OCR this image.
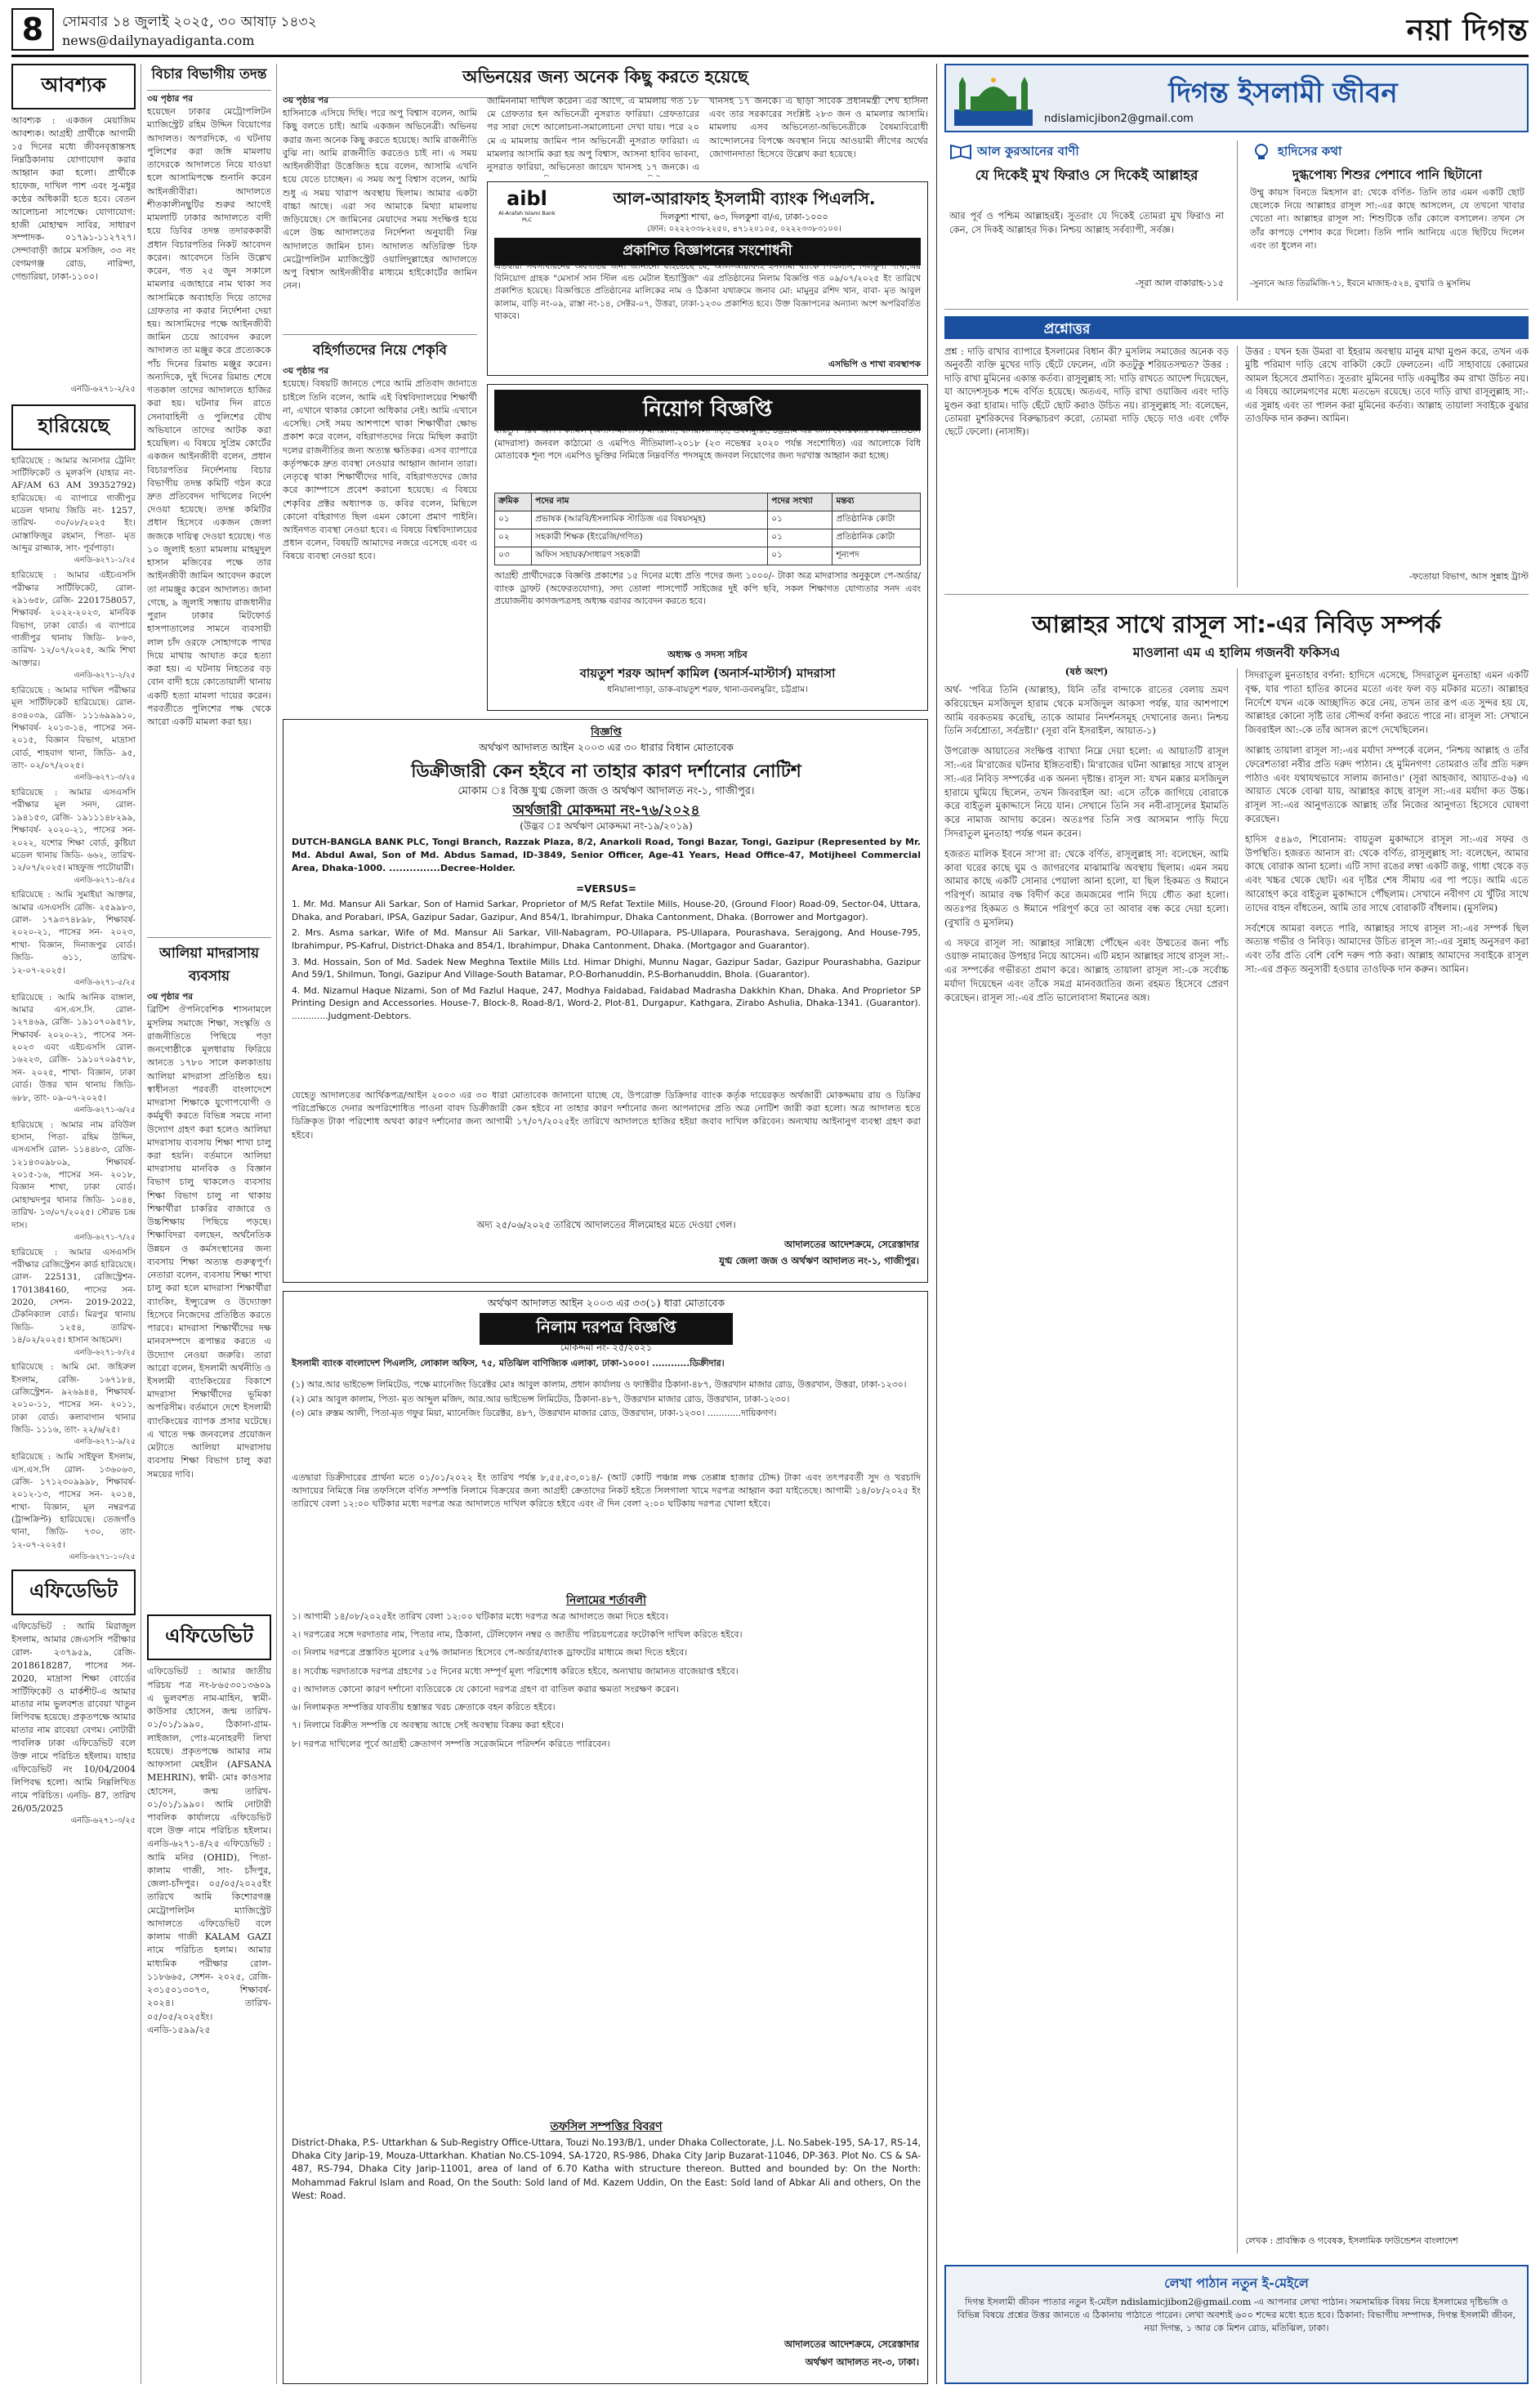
8	সোমবার ১৪ জুলাই ২০২৫, ৩০ আষাঢ় ১৪৩২
news@dailynayadiganta.com	নয়া দিগন্ত
আবশ্যক
আবশ্যক : একজন মেয়াজিম আবশ্যক। আগ্রহী প্রার্থীকে আগামী ১৫ দিনের মধ্যে জীবনবৃত্তান্তসহ নিম্নঠিকানায় যোগাযোগ করার আহ্বান করা হলো। প্রার্থীকে হাফেজ, দাখিল পাশ এবং সু-মধুর কন্ঠের অধিকারী হতে হবে। বেতন আলোচনা সাপেক্ষে। যোগাযোগ: হাজী মোহাম্মদ সাবির, সাধারণ সম্পাদক- ০১৭৯১-১১২৭২৭। সেন্দাবাড়ী জামে মসজিদ, ৩৩ নং বেগমগঞ্জ রোড, নারিন্দা, গেন্ডারিয়া, ঢাকা-১১০০।
এনডি-৬২৭১-২/২৫
হারিয়েছে
হারিয়েছে : আমার আনসার ট্রেনিং সার্টিফিকেট ও মূলকপি (যাহার নং- AF/AM 63 AM 39352792) হারিয়েছে। এ ব্যাপারে গাজীপুর মডেল থানায় জিডি নং- 1257, তারিখ- ৩০/০৮/২০২৫ ইং। মোস্তাফিজুর রহমান, পিতা- মৃত আব্দুর রাজ্জাক, সাং- পূর্বপাড়া।
এনডি-৬২৭১-১/২৫
হারিয়েছে : আমার এইচএসসি পরীক্ষার সার্টিফিকেট, রোল- ২৯১৬৫৮, রেজি- 2201758057, শিক্ষাবর্ষ- ২০২২-২০২৩, মানবিক বিভাগ, ঢাকা বোর্ড। এ ব্যাপারে গাজীপুর থানায় জিডি- ৮৬৩, তারিখ- ১২/০৭/২০২৫, আমি শিখা আক্তার।
এনডি-৬২৭১-২/২৫
হারিয়েছে : আমার দাখিল পরীক্ষার মূল সার্টিফিকেট হারিয়েছে। রোল- ৪৩৪০৩৯, রেজি- ১১১৬৯৯৯১০, শিক্ষাবর্ষ- ২০১৩-১৪, পাসের সন- ২০১৫, বিজ্ঞান বিভাগ, মাদ্রাসা বোর্ড, শাহবাগ থানা, জিডি- ৯৫, তাং- ০২/০৭/২০২৫।
এনডি-৬২৭১-৩/২৫
হারিয়েছে : আমার এসএসসি পরীক্ষার মূল সনদ, রোল- ১৯৪১৫৩, রেজি- ১৯১১১৪৮২৯৯, শিক্ষাবর্ষ- ২০২০-২১, পাসের সন- ২০২২, যশোর শিক্ষা বোর্ড, কুষ্টিয়া মডেল থানায় জিডি- ৬৬২, তারিখ- ১২/০৭/২০২৫। মাহফুজ পাটোয়ারী।
এনডি-৬২৭১-৪/২৫
হারিয়েছে : আমি সুমাইয়া আক্তার, আমার এসএসসি রেজি- ২৫৯৯৮৩, রোল- ১৭৯৩৭৪৮৯৮, শিক্ষাবর্ষ- ২০২০-২১, পাসের সন- ২০২৩, শাখা- বিজ্ঞান, দিনাজপুর বোর্ড। জিডি- ৬১১, তারিখ- ১২-০৭-২০২৫।
এনডি-৬২৭১-৫/২৫
হারিয়েছে : আমি আনিক বাঙ্গাল, আমার এস.এস.সি. রোল- ১২৭৪৬৯, রেজি- ১৯১০৭০৯৫৭৮, শিক্ষাবর্ষ- ২০২০-২১, পাসের সন- ২০২৩ এবং এইচএসসি রোল- ১৬২২৩, রেজি- ১৯১০৭০৯৫৭৮, সন- ২০২৫, শাখা- বিজ্ঞান, ঢাকা বোর্ড। উত্তর খান থানায় জিডি- ৬৮৮, তাং- ০৯-০৭-২০২৫।
এনডি-৬২৭১-৬/২৫
হারিয়েছে : আমার নাম রবিউল হাসান, পিতা- রহিম উদ্দিন, এসএসসি রোল- ১১৪৪৮৩, রেজি- ১২১৪৩০৯৮০৯, শিক্ষাবর্ষ- ২০১৫-১৬, পাসের সন- ২০১৮, বিজ্ঞান শাখা, ঢাকা বোর্ড। মোহাম্মদপুর থানার জিডি- ১০৪৪, তারিখ- ১৩/০৭/২০২৫। সৌরভ চন্দ্র দাস।
এনডি-৬২৭১-৭/২৫
হারিয়েছে : আমার এসএসসি পরীক্ষার রেজিস্ট্রেশন কার্ড হারিয়েছে। রোল- 225131, রেজিস্ট্রেশন- 1701384160, পাসের সন- 2020, সেশন- 2019-2022, টেকনিক্যাল বোর্ড। মিরপুর থানায় জিডি- ১২৫৪, তারিখ- ১৪/০২/২০২৫। হাসান আহমেদ।
এনডি-৬২৭১-৮/২৫
হারিয়েছে : আমি মো. জহিরুল ইসলাম, রেজি- ১৬৭১৮৪, রেজিস্ট্রেশন- ৯২৬৯৪৪, শিক্ষাবর্ষ- ২০১০-১১, পাসের সন- ২০১১, ঢাকা বোর্ড। কলাবাগান থানার জিডি- ১১১৬, তাং- ২২/৬/২৫।
এনডি-৬২৭১-৯/২৫
হারিয়েছে : আমি সাইফুল ইসলাম, এস.এস.সি রোল- ১৩৬০৬৩, রেজি- ১৭১২৩০৯৯৯৮, শিক্ষাবর্ষ- ২০১২-১৩, পাসের সন- ২০১৪, শাখা- বিজ্ঞান, মূল নম্বরপত্র (ট্রান্সক্রিপ্ট) হারিয়েছে। তেজগাঁও থানা, জিডি- ৭৩০, তাং- ১২-০৭-২০২৫।
এনডি-৬২৭১-১০/২৫
এফিডেভিট
এফিডেভিট : আমি মিরাজুল ইসলাম, আমার জেএসসি পরীক্ষার রোল- ২৩৭৯৫৯, রেজি- 2018618287, পাসের সন- 2020, মাদ্রাসা শিক্ষা বোর্ডের সার্টিফিকেট ও মার্কশীট-এ আমার মাতার নাম ভুলবশত রাবেয়া খাতুন লিপিবদ্ধ হয়েছে। প্রকৃতপক্ষে আমার মাতার নাম রাবেয়া বেগম। নোটারী পাবলিক ঢাকা এফিডেভিট বলে উক্ত নামে পরিচিত হইলাম। যাহার এফিডেভিট নং 10/04/2004 লিপিবদ্ধ হলো। আমি নিম্নলিখিত নামে পরিচিত। এনডি- 87, তারিখ 26/05/2025
এনডি-৬২৭১-৩/২৫
বিচার বিভাগীয় তদন্ত
৩য় পৃষ্ঠার পর
হয়েছেন ঢাকার মেট্রোপলিটন ম্যাজিস্ট্রেট রহিম উদ্দিন বিয়োগের আদালত। অপরদিকে, এ ঘটনায় পুলিশের করা জঙ্গি মামলায় তাদেরকে আদালতে নিয়ে যাওয়া হলে আসামিপক্ষে শুনানি করেন আইনজীবীরা। আদালতে শীতকালীনছুটির শুরুর আগেই মামলাটি ঢাকার আদালতে বাদী হয়ে ডিবির তদন্ত তদারককারী প্রধান বিচারপতির নিকট আবেদন করেন। আবেদনে তিনি উল্লেখ করেন, গত ২৫ জুন সকালে মামলার এজাহারে নাম থাকা সব আসামিকে অব্যাহতি দিয়ে তাদের গ্রেফতার না করার নির্দেশনা দেয়া হয়। আসামিদের পক্ষে আইনজীবী জামিন চেয়ে আবেদন করলে আদালত তা মঞ্জুর করে প্রত্যেককে পাঁচ দিনের রিমান্ড মঞ্জুর করেন। অন্যদিকে, দুই দিনের রিমান্ড শেষে গতকাল তাদের আদালতে হাজির করা হয়। ঘটনার দিন রাতে সেনাবাহিনী ও পুলিশের যৌথ অভিযানে তাদের আটক করা হয়েছিল। এ বিষয়ে সুপ্রিম কোর্টের একজন আইনজীবী বলেন, প্রধান বিচারপতির নির্দেশনায় বিচার বিভাগীয় তদন্ত কমিটি গঠন করে দ্রুত প্রতিবেদন দাখিলের নির্দেশ দেওয়া হয়েছে। তদন্ত কমিটির প্রধান হিসেবে একজন জেলা জজকে দায়িত্ব দেওয়া হয়েছে। গত ১০ জুলাই হত্যা মামলায় মাহমুদুল হাসান মজিবের পক্ষে তার আইনজীবী জামিন আবেদন করলে তা নামঞ্জুর করেন আদালত। জানা গেছে, ৯ জুলাই সন্ধ্যায় রাজধানীর পুরান ঢাকার মিটফোর্ড হাসপাতালের সামনে ব্যবসায়ী লাল চাঁদ ওরফে সোহাগকে পাথর দিয়ে মাথায় আঘাত করে হত্যা করা হয়। এ ঘটনায় নিহতের বড় বোন বাদী হয়ে কোতোয়ালী থানায় একটি হত্যা মামলা দায়ের করেন। পরবর্তীতে পুলিশের পক্ষ থেকে আরো একটি মামলা করা হয়।
আলিয়া মাদরাসায় ব্যবসায়
৩য় পৃষ্ঠার পর
ব্রিটিশ ঔপনিবেশিক শাসনামলে মুসলিম সমাজে শিক্ষা, সংস্কৃতি ও রাজনীতিতে পিছিয়ে পড়া জনগোষ্ঠীকে মূলধারায় ফিরিয়ে আনতে ১৭৮০ সালে কলকাতায় আলিয়া মাদরাসা প্রতিষ্ঠিত হয়। স্বাধীনতা পরবর্তী বাংলাদেশে মাদরাসা শিক্ষাকে যুগোপযোগী ও কর্মমুখী করতে বিভিন্ন সময়ে নানা উদ্যোগ গ্রহণ করা হলেও আলিয়া মাদরাসায় ব্যবসায় শিক্ষা শাখা চালু করা হয়নি। বর্তমানে আলিয়া মাদরাসায় মানবিক ও বিজ্ঞান বিভাগ চালু থাকলেও ব্যবসায় শিক্ষা বিভাগ চালু না থাকায় শিক্ষার্থীরা চাকরির বাজারে ও উচ্চশিক্ষায় পিছিয়ে পড়ছে। শিক্ষাবিদরা বলছেন, অর্থনৈতিক উন্নয়ন ও কর্মসংস্থানের জন্য ব্যবসায় শিক্ষা অত্যন্ত গুরুত্বপূর্ণ। নেতারা বলেন, ব্যবসায় শিক্ষা শাখা চালু করা হলে মাদরাসা শিক্ষার্থীরা ব্যাংকিং, ইন্স্যুরেন্স ও উদ্যোক্তা হিসেবে নিজেদের প্রতিষ্ঠিত করতে পারবে। মাদরাসা শিক্ষার্থীদের দক্ষ মানবসম্পদে রূপান্তর করতে এ উদ্যোগ নেওয়া জরুরি। তারা আরো বলেন, ইসলামী অর্থনীতি ও ইসলামী ব্যাংকিংয়ের বিকাশে মাদরাসা শিক্ষার্থীদের ভূমিকা অপরিসীম। বর্তমানে দেশে ইসলামী ব্যাংকিংয়ের ব্যাপক প্রসার ঘটেছে। এ খাতে দক্ষ জনবলের প্রয়োজন মেটাতে আলিয়া মাদরাসায় ব্যবসায় শিক্ষা বিভাগ চালু করা সময়ের দাবি।
এফিডেভিট
এফিডেভিট : আমার জাতীয় পরিচয় পত্র নং-৮৬৫৩০১৩৬০৯ এ ভুলবশত নাম-মাহিন, স্বামী- কাউসার হোসেন, জন্ম তারিখ- ০১/০১/১৯৯০, ঠিকানা-গ্রাম- লাইজাল, পোঃ-মনোহরদী লিখা হয়েছে। প্রকৃতপক্ষে আমার নাম আফসানা মেহরীন (AFSANA MEHRIN), স্বামী- মোঃ কাওসার হোসেন, জন্ম তারিখ- ০১/০১/১৯৯০। আমি নোটারী পাবলিক কার্যালয়ে এফিডেভিট বলে উক্ত নামে পরিচিত হইলাম। এনডি-৬২৭১-৪/২৫ এফিডেভিট : আমি মনির (OHID), পিতা-কালাম গাজী, সাং- চাঁদপুর, জেলা-চাঁদপুর। ০৫/০৫/২০২৫ইং তারিখে আমি কিশোরগঞ্জ মেট্রোপলিটন ম্যাজিস্ট্রেট আদালতে এফিডেভিট বলে কালাম গাজী KALAM GAZI নামে পরিচিত হলাম। আমার মাধ্যমিক পরীক্ষার রোল- ১১৮৬৬৫, সেশন- ২০২৫, রেজি- ২৩১৫০১৩০৭৩, শিক্ষাবর্ষ- ২০২৪। তারিখ- ০৫/০৫/২০২৫ইং। এনডি-১৫৯৯/২৫
অভিনয়ের জন্য অনেক কিছু করতে হয়েছে
৩য় পৃষ্ঠার পর
হাসিনাকে এসিয়ে দিছি। পরে অপু বিশ্বাস বলেন, আমি কিছু বলতে চাই। আমি একজন অভিনেত্রী। অভিনয় করার জন্য অনেক কিছু করতে হয়েছে। আমি রাজনীতি বুঝি না। আমি রাজনীতি করতেও চাই না। এ সময় আইনজীবীরা উত্তেজিত হয়ে বলেন, আসামি এখনি হয়ে যেতে চাচ্ছেন। এ সময় অপু বিশ্বাস বলেন, আমি শুধু এ সময় খারাপ অবস্থায় ছিলাম। আমার একটা বাচ্চা আছে। এরা সব আমাকে মিথ্যা মামলায় জড়িয়েছে। সে জামিনের মেয়াদের সময় সংক্ষিপ্ত হয়ে এলে উচ্চ আদালতের নির্দেশনা অনুযায়ী নিম্ন আদালতে জামিন চান। আদালত অতিরিক্ত চিফ মেট্রোপলিটন ম্যাজিস্ট্রেট ওয়ালিদুল্লাহের আদালতে অপু বিশ্বাস আইনজীবীর মাধ্যমে হাইকোর্টের জামিন নেন।
বহির্গাতদের নিয়ে শেকৃবি
৩য় পৃষ্ঠার পর
হয়েছে। বিষয়টি জানতে পেরে আমি প্রতিবাদ জানাতে চাইলে তিনি বলেন, আমি এই বিশ্ববিদ্যালয়ের শিক্ষার্থী না, এখানে থাকার কোনো অধিকার নেই। আমি এখানে এসেছি। সেই সময় আশপাশে থাকা শিক্ষার্থীরা ক্ষোভ প্রকাশ করে বলেন, বহিরাগতদের নিয়ে মিছিল করাটা দলের রাজনীতির জন্য অত্যন্ত ক্ষতিকর। এসব ব্যাপারে কর্তৃপক্ষকে দ্রুত ব্যবস্থা নেওয়ার আহ্বান জানান তারা। নেতৃত্বে থাকা শিক্ষার্থীদের দাবি, বহিরাগতদের জোর করে ক্যাম্পাসে প্রবেশ করানো হয়েছে। এ বিষয়ে শেকৃবির প্রক্টর অধ্যাপক ড. কবির বলেন, মিছিলে কোনো বহিরাগত ছিল এমন কোনো প্রমাণ পাইনি। আইনগত ব্যবস্থা নেওয়া হবে। এ বিষয়ে বিশ্ববিদ্যালয়ের প্রধান বলেন, বিষয়টি আমাদের নজরে এসেছে এবং এ বিষয়ে ব্যবস্থা নেওয়া হবে।
জামিননামা দাখিল করেন। এর আগে, এ মামলায় গত ১৮ মে গ্রেফতার হন অভিনেত্রী নুসরাত ফারিয়া। গ্রেফতারের পর সারা দেশে আলোচনা-সমালোচনা দেখা যায়। পরে ২০ মে এ মামলায় জামিন পান অভিনেত্রী নুসরাত ফারিয়া। এ মামলার আসামি করা হয় অপু বিশ্বাস, আসনা হাবিব ভাবনা, নুসরাত ফারিয়া, অভিনেতা জায়েদ খানসহ ১৭ জনকে। এ
খানসহ ১৭ জনকে। এ ছাড়া সাবেক প্রধানমন্ত্রী শেখ হাসিনা এবং তার সরকারের সংশ্লিষ্ট ২৮৩ জন ও মামলার আসামি। মামলায় এসব অভিনেতা-অভিনেত্রীকে বৈষম্যবিরোধী আন্দোলনের বিপক্ষে অবস্থান নিয়ে আওয়ামী লীগের অর্থের জোগানদাতা হিসেবে উল্লেখ করা হয়েছে।
aibl
Al-Arafah Islami Bank PLC
আল-আরাফাহ ইসলামী ব্যাংক পিএলসি.
দিলকুশা শাখা, ৬৩, দিলকুশা বা/এ, ঢাকা-১০০০
ফোন: ০২২২৩৩৮২২৫০, ৪৭১২০১০৫, ০২২২৩৩৮৩১০০।
প্রকাশিত বিজ্ঞাপনের সংশোধনী
এতদ্বারা সর্বসাধারনের অবগতির জন্য জানানো যাইতেছে যে, আল-আরাফাহ ইসলামী ব্যাংক পিএলসি, দিলকুশা শাখা,এর বিনিয়োগ গ্রাহক "মেসার্স সান স্টিল এন্ড মেটাল ইন্ডাস্ট্রিজ" এর প্রতিষ্ঠানের নিলাম বিজ্ঞপ্তি গত ০৯/০৭/২০২৫ ইং তারিখে প্রকাশিত হয়েছে। বিজ্ঞপ্তিতে প্রতিষ্ঠানের মালিকের নাম ও ঠিকানা যথাক্রমে জনাব মো: মামুনুর রশিদ খান, বাবা- মৃত আবুল কালাম, বাড়ি নং-০৯, রাস্তা নং-১৪, সেক্টর-০৭, উত্তরা, ঢাকা-১২৩০ প্রকাশিত হবে। উক্ত বিজ্ঞাপনের অন্যান্য অংশ অপরিবর্তিত থাকবে।
এসভিপি ও শাখা ব্যবস্থাপক
নিয়োগ বিজ্ঞপ্তি
বায়তুশ শরফ আদর্শ কামিল (অনার্স-মাস্টার্স) মাদরাসা, ধনিয়ালাপাড়া, ডবলমুরিং, চট্টগ্রাম এর জন্য বেসরকারি শিক্ষা প্রতিষ্ঠান (মাদরাসা) জনবল কাঠামো ও এমপিও নীতিমালা-২০১৮ (২৩ নভেম্বর ২০২০ পর্যন্ত সংশোধিত) এর আলোকে বিধি মোতাবেক শূন্য পদে এমপিও ভুক্তির নিমিত্তে নিম্নবর্ণিত পদসমূহে জনবল নিয়োগের জন্য দরখাস্ত আহ্বান করা হচ্ছে।
ক্রমিক	পদের নাম	পদের সংখ্যা	মন্তব্য
০১	প্রভাষক (আরবি/ইসলামিক স্টাডিজ এর বিষয়সমূহ)	০১	প্রতিষ্ঠানিক কোটা
০২	সহকারী শিক্ষক (ইংরেজি/গণিত)	০১	প্রতিষ্ঠানিক কোটা
০৩	অফিস সহায়ক/সাধারণ সহকারী	০১	শূন্যপদ
আগ্রহী প্রার্থীদেরকে বিজ্ঞপ্তি প্রকাশের ১৫ দিনের মধ্যে প্রতি পদের জন্য ১০০০/- টাকা অত্র মাদরাসার অনুকূলে পে-অর্ডার/ব্যাংক ড্রাফট (অফেরতযোগ্য), সদ্য তোলা পাসপোর্ট সাইজের দুই কপি ছবি, সকল শিক্ষাগত যোগ্যতার সনদ এবং প্রয়োজনীয় কাগজপত্রসহ অধ্যক্ষ বরাবর আবেদন করতে হবে।
অধ্যক্ষ ও সদস্য সচিব
বায়তুশ শরফ আদর্শ কামিল (অনার্স-মাস্টার্স) মাদরাসা
ধনিয়ালাপাড়া, ডাক-বায়তুশ শরফ, থানা-ডবলমুরিং, চট্টগ্রাম।
বিজ্ঞপ্তি
অর্থঋণ আদালত আইন ২০০৩ এর ৩০ ধারার বিধান মোতাবেক
ডিক্রীজারী কেন হইবে না তাহার কারণ দর্শানোর নোটিশ
মোকাম ঃ বিজ্ঞ যুগ্ম জেলা জজ ও অর্থঋণ আদালত নং-১, গাজীপুর।
অর্থজারী মোকদ্দমা নং-৭৬/২০২৪
(উদ্ভব ঃ অর্থঋণ মোকদ্দমা নং-১৯/২০১৯)
DUTCH-BANGLA BANK PLC, Tongi Branch, Razzak Plaza, 8/2, Anarkoli Road, Tongi Bazar, Tongi, Gazipur (Represented by Mr. Md. Abdul Awal, Son of Md. Abdus Samad, ID-3849, Senior Officer, Age-41 Years, Head Office-47, Motijheel Commercial Area, Dhaka-1000. ...............Decree-Holder.
=VERSUS=
1. Mr. Md. Mansur Ali Sarkar, Son of Hamid Sarkar, Proprietor of M/S Refat Textile Mills, House-20, (Ground Floor) Road-09, Sector-04, Uttara, Dhaka, and Porabari, IPSA, Gazipur Sadar, Gazipur, And 854/1, Ibrahimpur, Dhaka Cantonment, Dhaka. (Borrower and Mortgagor).
2. Mrs. Asma sarkar, Wife of Md. Mansur Ali Sarkar, Vill-Nabagram, PO-Ullapara, PS-Ullapara, Pourashava, Serajgong, And House-795, Ibrahimpur, PS-Kafrul, District-Dhaka and 854/1, Ibrahimpur, Dhaka Cantonment, Dhaka. (Mortgagor and Guarantor).
3. Md. Hossain, Son of Md. Sadek New Meghna Textile Mills Ltd. Himar Dhighi, Munnu Nagar, Gazipur Sadar, Gazipur Pourashabha, Gazipur And 59/1, Shilmun, Tongi, Gazipur And Village-South Batamar, P.O-Borhanuddin, P.S-Borhanuddin, Bhola. (Guarantor).
4. Md. Nizamul Haque Nizami, Son of Md Fazlul Haque, 247, Modhya Faidabad, Faidabad Madrasha Dakkhin Khan, Dhaka. And Proprietor SP Printing Design and Accessories. House-7, Block-8, Road-8/1, Word-2, Plot-81, Durgapur, Kathgara, Zirabo Ashulia, Dhaka-1341. (Guarantor). .............Judgment-Debtors.
যেহেতু আদালতের আর্থিকপত্র/আইন ২০০৩ এর ৩০ ধারা মোতাবেক জানানো যাচ্ছে যে, উপরোক্ত ডিক্রিদার ব্যাংক কর্তৃক দায়েরকৃত অর্থজারী মোকদ্দমায় রায় ও ডিক্রির পরিপ্রেক্ষিতে দেনার অপরিশোধিত পাওনা বাবদ ডিক্রীজারী কেন হইবে না তাহার কারণ দর্শানোর জন্য আপনাদের প্রতি অত্র নোটিশ জারী করা হলো। অত্র আদালত হতে ডিক্রিকৃত টাকা পরিশোধ অথবা কারণ দর্শানোর জন্য আগামী ১৭/০৭/২০২৫ইং তারিখে আদালতে হাজির হইয়া জবাব দাখিল করিবেন। অন্যথায় আইনানুগ ব্যবস্থা গ্রহণ করা হইবে।
অদ্য ২৫/০৬/২০২৫ তারিখে আদালতের সীলমোহর মতে দেওয়া গেল।
আদালতের আদেশক্রমে, সেরেস্তাদার
যুগ্ম জেলা জজ ও অর্থঋণ আদালত নং-১, গাজীপুর।
অর্থঋণ আদালত আইন ২০০৩ এর ৩৩(১) ধারা মোতাবেক
নিলাম দরপত্র বিজ্ঞপ্তি
মোকদ্দমা নং- ২৫/২০২১
ইসলামী ব্যাংক বাংলাদেশ পিএলসি, লোকাল অফিস, ৭৫, মতিঝিল বাণিজ্যিক এলাকা, ঢাকা-১০০০। ............ডিক্রীদার।
(১) আর.আর ভাইভেন্স লিমিটেড, পক্ষে ম্যানেজিং ডিরেক্টর মোঃ আবুল কালাম, প্রধান কার্যালয় ও ফ্যাক্টরীর ঠিকানা-৪৮৭, উত্তরখান মাজার রোড, উত্তরখান, উত্তরা, ঢাকা-১২৩০।
(২) মোঃ আবুল কালাম, পিতা- মৃত আব্দুল মজিদ, আর.আর ভাইভেন্স লিমিটেড, ঠিকানা-৪৮৭, উত্তরখান মাজার রোড, উত্তরখান, ঢাকা-১২৩০।
(৩) মোঃ রুস্তম আলী, পিতা-মৃত গফুর মিয়া, ম্যানেজিং ডিরেক্টর, ৪৮৭, উত্তরখান মাজার রোড, উত্তরখান, ঢাকা-১২৩০। ............দায়িকগণ।
এতদ্বারা ডিক্রীদারের প্রার্থনা মতে ০১/০১/২০২২ ইং তারিখ পর্যন্ত ৮,৫৫,৫৩,০১৪/- (আট কোটি পঞ্চান্ন লক্ষ তেপ্পান্ন হাজার চৌদ্দ) টাকা এবং তৎপরবর্তী সুদ ও খরচাদি আদায়ের নিমিত্তে নিম্ন তফসিলে বর্ণিত সম্পত্তি নিলামে বিক্রয়ের জন্য আগ্রহী ক্রেতাদের নিকট হইতে সিলগালা খামে দরপত্র আহ্বান করা যাইতেছে। আগামী ১৪/০৮/২০২৫ ইং তারিখে বেলা ১২:০০ ঘটিকার মধ্যে দরপত্র অত্র আদালতে দাখিল করিতে হইবে এবং ঐ দিন বেলা ২:০০ ঘটিকায় দরপত্র খোলা হইবে।
নিলামের শর্তাবলী
১। আগামী ১৪/০৮/২০২৫ইং তারিখ বেলা ১২:০০ ঘটিকার মধ্যে দরপত্র অত্র আদালতে জমা দিতে হইবে।
২। দরপত্রের সঙ্গে দরদাতার নাম, পিতার নাম, ঠিকানা, টেলিফোন নম্বর ও জাতীয় পরিচয়পত্রের ফটোকপি দাখিল করিতে হইবে।
৩। নিলাম দরপত্রে প্রস্তাবিত মূল্যের ২৫% জামানত হিসেবে পে-অর্ডার/ব্যাংক ড্রাফটের মাধ্যমে জমা দিতে হইবে।
৪। সর্বোচ্চ দরদাতাকে দরপত্র গ্রহণের ১৫ দিনের মধ্যে সম্পূর্ণ মূল্য পরিশোধ করিতে হইবে, অন্যথায় জামানত বাজেয়াপ্ত হইবে।
৫। আদালত কোনো কারণ দর্শানো ব্যতিরেকে যে কোনো দরপত্র গ্রহণ বা বাতিল করার ক্ষমতা সংরক্ষণ করেন।
৬। নিলামকৃত সম্পত্তির যাবতীয় হস্তান্তর খরচ ক্রেতাকে বহন করিতে হইবে।
৭। নিলামে বিক্রীত সম্পত্তি যে অবস্থায় আছে সেই অবস্থায় বিক্রয় করা হইবে।
৮। দরপত্র দাখিলের পূর্বে আগ্রহী ক্রেতাগণ সম্পত্তি সরেজমিনে পরিদর্শন করিতে পারিবেন।
তফসিল সম্পত্তির বিবরণ
District-Dhaka, P.S- Uttarkhan & Sub-Registry Office-Uttara, Touzi No.193/B/1, under Dhaka Collectorate, J.L. No.Sabek-195, SA-17, RS-14, Dhaka City Jarip-19, Mouza-Uttarkhan. Khatian No.CS-1094, SA-1720, RS-986, Dhaka City Jarip Buzarat-11046, DP-363. Plot No. CS & SA-487, RS-794, Dhaka City Jarip-11001, area of land of 6.70 Katha with structure thereon. Butted and bounded by: On the North: Mohammad Fakrul Islam and Road, On the South: Sold land of Md. Kazem Uddin, On the East: Sold land of Abkar Ali and others, On the West: Road.
আদালতের আদেশক্রমে, সেরেস্তাদার
অর্থঋণ আদালত নং-৩, ঢাকা।
দিগন্ত ইসলামী জীবন
ndislamicjibon2@gmail.com
আল কুরআনের বাণী
যে দিকেই মুখ ফিরাও সে দিকেই আল্লাহর
আর পূর্ব ও পশ্চিম আল্লাহরই। সুতরাং যে দিকেই তোমরা মুখ ফিরাও না কেন, সে দিকই আল্লাহর দিক। নিশ্চয় আল্লাহ সর্বব্যাপী, সর্বজ্ঞ।
-সূরা আল বাকারাহ-১১৫
হাদিসের কথা
দুগ্ধপোষ্য শিশুর পেশাবে পানি ছিটানো
উম্মু কায়স বিনতে মিহসান রা: থেকে বর্ণিত- তিনি তার এমন একটি ছোট ছেলেকে নিয়ে আল্লাহর রাসূল সা:-এর কাছে আসলেন, যে তখনো খাবার খেতো না। আল্লাহর রাসূল সা: শিশুটিকে তাঁর কোলে বসালেন। তখন সে তাঁর কাপড়ে পেশাব করে দিলো। তিনি পানি আনিয়ে এতে ছিটিয়ে দিলেন এবং তা ধুলেন না।
-সুনানে আত তিরমিজি-৭১, ইবনে মাজাহ-৫২৪, বুখারি ও মুসলিম
প্রশ্নোত্তর
প্রশ্ন : দাড়ি রাখার ব্যাপারে ইসলামের বিধান কী? মুসলিম সমাজের অনেক বড় অনুবর্তী ব্যক্তি মুখের দাড়ি ছেঁটে ফেলেন, এটা কতটুকু শরিয়তসম্মত? উত্তর : দাড়ি রাখা মুমিনের একান্ত কর্তব্য। রাসূলুল্লাহ সা: দাড়ি রাখতে আদেশ দিয়েছেন, যা আদেশসূচক শব্দে বর্ণিত হয়েছে। অতএব, দাড়ি রাখা ওয়াজিব এবং দাড়ি মুণ্ডন করা হারাম। দাড়ি ছেঁটে ছোট করাও উচিত নয়। রাসূলুল্লাহ সা: বলেছেন, তোমরা মুশরিকদের বিরুদ্ধাচরণ করো, তোমরা দাড়ি ছেড়ে দাও এবং গোঁফ ছেটে ফেলো। (নাসাঈ)।
উত্তর : যখন হজ উমরা বা ইহরাম অবস্থায় মানুষ মাথা মুণ্ডন করে, তখন এক মুষ্টি পরিমাণ দাড়ি রেখে বাকিটা কেটে ফেলতেন। এটি সাহাবায়ে কেরামের আমল হিসেবে প্রমাণিত। সুতরাং মুমিনের দাড়ি একমুষ্টির কম রাখা উচিত নয়। এ বিষয়ে আলেমগণের মধ্যে মতভেদ রয়েছে। তবে দাড়ি রাখা রাসূলুল্লাহ সা:-এর সুন্নাহ এবং তা পালন করা মুমিনের কর্তব্য। আল্লাহ তায়ালা সবাইকে বুঝার তাওফিক দান করুন। আমিন।
-ফতোয়া বিভাগ, আস সুন্নাহ ট্রাস্ট
আল্লাহর সাথে রাসূল সা:-এর নিবিড় সম্পর্ক
মাওলানা এম এ হালিম গজনবী ফকিসএ
(ষষ্ঠ অংশ)

অর্থ- 'পবিত্র তিনি (আল্লাহ), যিনি তাঁর বান্দাকে রাতের বেলায় ভ্রমণ করিয়েছেন মসজিদুল হারাম থেকে মসজিদুল আকসা পর্যন্ত, যার আশপাশে আমি বরকতময় করেছি, তাকে আমার নিদর্শনসমূহ দেখানোর জন্য। নিশ্চয় তিনি সর্বশ্রোতা, সর্বদ্রষ্টা।' (সূরা বনি ইসরাইল, আয়াত-১)

উপরোক্ত আয়াতের সংক্ষিপ্ত ব্যাখ্যা নিম্নে দেয়া হলো: এ আয়াতটি রাসূল সা:-এর মি'রাজের ঘটনার ইঙ্গিতবাহী। মি'রাজের ঘটনা আল্লাহর সাথে রাসূল সা:-এর নিবিড় সম্পর্কের এক অনন্য দৃষ্টান্ত। রাসূল সা: যখন মক্কার মসজিদুল হারামে ঘুমিয়ে ছিলেন, তখন জিবরাইল আ: এসে তাঁকে জাগিয়ে বোরাকে করে বাইতুল মুকাদ্দাসে নিয়ে যান। সেখানে তিনি সব নবী-রাসূলের ইমামতি করে নামাজ আদায় করেন। অতঃপর তিনি সপ্ত আসমান পাড়ি দিয়ে সিদরাতুল মুনতাহা পর্যন্ত গমন করেন।

হজরত মালিক ইবনে সা'সা রা: থেকে বর্ণিত, রাসূলুল্লাহ সা: বলেছেন, আমি কাবা ঘরের কাছে ঘুম ও জাগরণের মাঝামাঝি অবস্থায় ছিলাম। এমন সময় আমার কাছে একটি সোনার পেয়ালা আনা হলো, যা ছিল হিকমত ও ঈমানে পরিপূর্ণ। আমার বক্ষ বিদীর্ণ করে জমজমের পানি দিয়ে ধৌত করা হলো। অতঃপর হিকমত ও ঈমানে পরিপূর্ণ করে তা আবার বন্ধ করে দেয়া হলো। (বুখারি ও মুসলিম)

এ সফরে রাসূল সা: আল্লাহর সান্নিধ্যে পৌঁছেন এবং উম্মতের জন্য পাঁচ ওয়াক্ত নামাজের উপহার নিয়ে আসেন। এটি মহান আল্লাহর সাথে রাসূল সা:-এর সম্পর্কের গভীরতা প্রমাণ করে। আল্লাহ তায়ালা রাসূল সা:-কে সর্বোচ্চ মর্যাদা দিয়েছেন এবং তাঁকে সমগ্র মানবজাতির জন্য রহমত হিসেবে প্রেরণ করেছেন। রাসূল সা:-এর প্রতি ভালোবাসা ঈমানের অঙ্গ।

সিদরাতুল মুনতাহার বর্ণনা: হাদিসে এসেছে, সিদরাতুল মুনতাহা এমন একটি বৃক্ষ, যার পাতা হাতির কানের মতো এবং ফল বড় মটকার মতো। আল্লাহর নির্দেশে যখন একে আচ্ছাদিত করে নেয়, তখন তার রূপ এত সুন্দর হয় যে, আল্লাহর কোনো সৃষ্টি তার সৌন্দর্য বর্ণনা করতে পারে না। রাসূল সা: সেখানে জিবরাইল আ:-কে তাঁর আসল রূপে দেখেছিলেন।

আল্লাহ তায়ালা রাসূল সা:-এর মর্যাদা সম্পর্কে বলেন, 'নিশ্চয় আল্লাহ ও তাঁর ফেরেশতারা নবীর প্রতি দরুদ পাঠান। হে মুমিনগণ! তোমরাও তাঁর প্রতি দরুদ পাঠাও এবং যথাযথভাবে সালাম জানাও।' (সূরা আহজাব, আয়াত-৫৬) এ আয়াত থেকে বোঝা যায়, আল্লাহর কাছে রাসূল সা:-এর মর্যাদা কত উচ্চ। রাসূল সা:-এর আনুগত্যকে আল্লাহ তাঁর নিজের আনুগত্য হিসেবে ঘোষণা করেছেন।

হাদিস ৫৪৯৩, শিরোনাম: বায়তুল মুকাদ্দাসে রাসূল সা:-এর সফর ও উপস্থিতি। হজরত আনাস রা: থেকে বর্ণিত, রাসূলুল্লাহ সা: বলেছেন, আমার কাছে বোরাক আনা হলো। এটি সাদা রঙের লম্বা একটি জন্তু, গাধা থেকে বড় এবং খচ্চর থেকে ছোট। এর দৃষ্টির শেষ সীমায় এর পা পড়ে। আমি এতে আরোহণ করে বাইতুল মুকাদ্দাসে পৌঁছলাম। সেখানে নবীগণ যে খুঁটির সাথে তাদের বাহন বাঁধতেন, আমি তার সাথে বোরাকটি বাঁধলাম। (মুসলিম)

সর্বশেষে আমরা বলতে পারি, আল্লাহর সাথে রাসূল সা:-এর সম্পর্ক ছিল অত্যন্ত গভীর ও নিবিড়। আমাদের উচিত রাসূল সা:-এর সুন্নাহ অনুসরণ করা এবং তাঁর প্রতি বেশি বেশি দরুদ পাঠ করা। আল্লাহ আমাদের সবাইকে রাসূল সা:-এর প্রকৃত অনুসারী হওয়ার তাওফিক দান করুন। আমিন।

লেখক : প্রাবন্ধিক ও গবেষক, ইসলামিক ফাউন্ডেশন বাংলাদেশ
লেখা পাঠান নতুন ই-মেইলে
দিগন্ত ইসলামী জীবন পাতার নতুন ই-মেইল ndislamicjibon2@gmail.com -এ আপনার লেখা পাঠান। সমসাময়িক বিষয় নিয়ে ইসলামের দৃষ্টিভঙ্গি ও বিভিন্ন বিষয়ে প্রশ্নের উত্তর জানতে এ ঠিকানায় পাঠাতে পারেন। লেখা অবশ্যই ৬০০ শব্দের মধ্যে হতে হবে। ঠিকানা: বিভাগীয় সম্পাদক, দিগন্ত ইসলামী জীবন, নয়া দিগন্ত, ১ আর কে মিশন রোড, মতিঝিল, ঢাকা।
